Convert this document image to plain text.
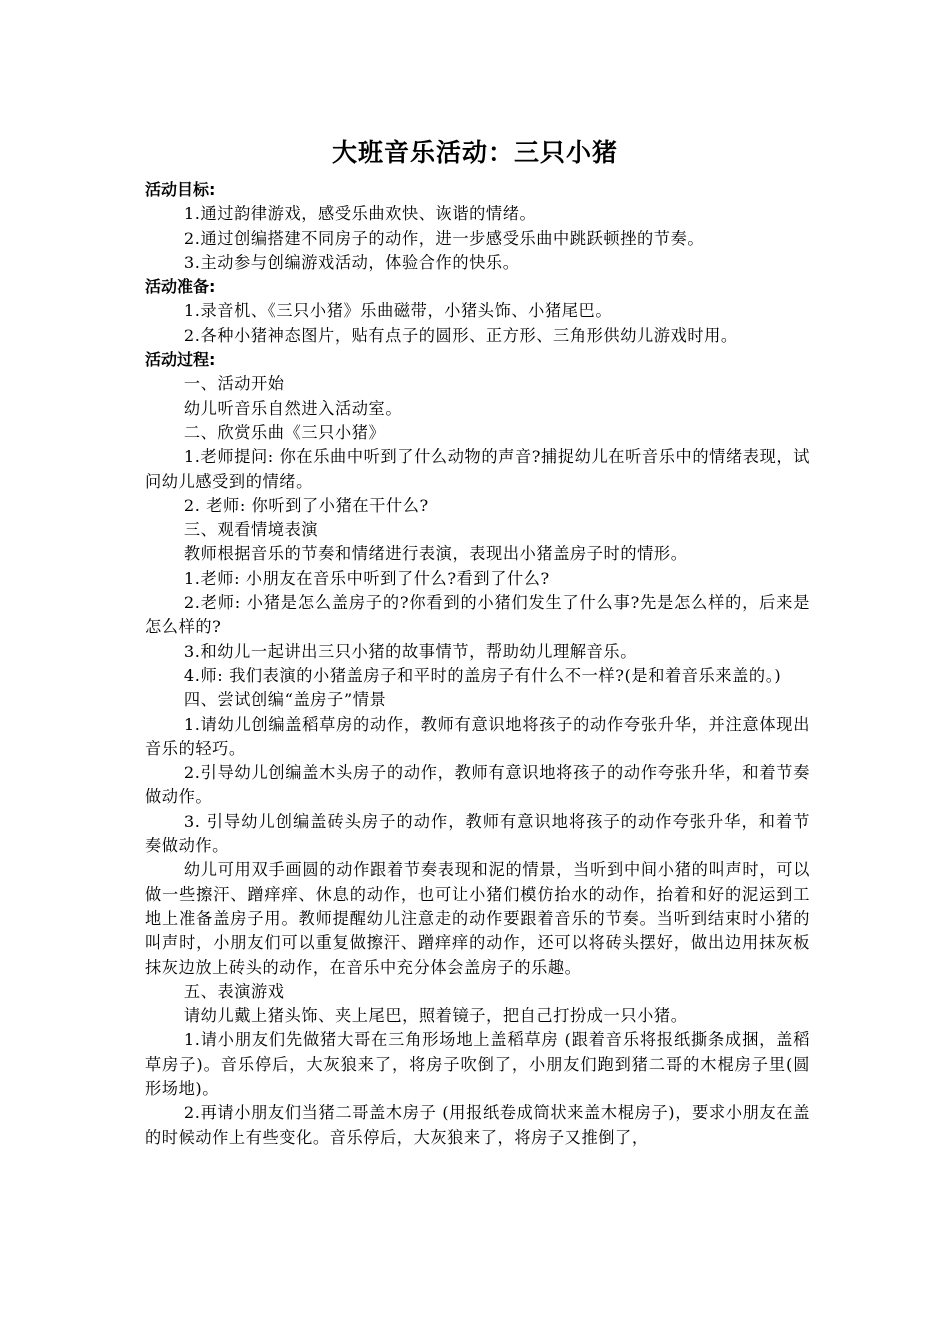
大班音乐活动：三只小猪

活动目标:

1.通过韵律游戏，感受乐曲欢快、诙谐的情绪。

2.通过创编搭建不同房子的动作，进一步感受乐曲中跳跃顿挫的节奏。

3.主动参与创编游戏活动，体验合作的快乐。

活动准备:

1.录音机、《三只小猪》乐曲磁带，小猪头饰、小猪尾巴。

2.各种小猪神态图片，贴有点子的圆形、正方形、三角形供幼儿游戏时用。

活动过程:

一、活动开始

幼儿听音乐自然进入活动室。

二、欣赏乐曲《三只小猪》

1.老师提问: 你在乐曲中听到了什么动物的声音?捕捉幼儿在听音乐中的情绪表现，试问幼儿感受到的情绪。

2. 老师: 你听到了小猪在干什么?

三、观看情境表演

教师根据音乐的节奏和情绪进行表演，表现出小猪盖房子时的情形。

1.老师: 小朋友在音乐中听到了什么?看到了什么?

2.老师: 小猪是怎么盖房子的?你看到的小猪们发生了什么事?先是怎么样的，后来是怎么样的?

3.和幼儿一起讲出三只小猪的故事情节，帮助幼儿理解音乐。

4.师: 我们表演的小猪盖房子和平时的盖房子有什么不一样?(是和着音乐来盖的。)

四、尝试创编“盖房子”情景

1.请幼儿创编盖稻草房的动作，教师有意识地将孩子的动作夸张升华，并注意体现出音乐的轻巧。

2.引导幼儿创编盖木头房子的动作，教师有意识地将孩子的动作夸张升华，和着节奏做动作。

3. 引导幼儿创编盖砖头房子的动作，教师有意识地将孩子的动作夸张升华，和着节奏做动作。

幼儿可用双手画圆的动作跟着节奏表现和泥的情景，当听到中间小猪的叫声时，可以做一些擦汗、蹭痒痒、休息的动作，也可让小猪们模仿抬水的动作，抬着和好的泥运到工地上准备盖房子用。教师提醒幼儿注意走的动作要跟着音乐的节奏。当听到结束时小猪的叫声时，小朋友们可以重复做擦汗、蹭痒痒的动作，还可以将砖头摆好，做出边用抹灰板抹灰边放上砖头的动作，在音乐中充分体会盖房子的乐趣。

五、表演游戏

请幼儿戴上猪头饰、夹上尾巴，照着镜子，把自己打扮成一只小猪。

1.请小朋友们先做猪大哥在三角形场地上盖稻草房 (跟着音乐将报纸撕条成捆，盖稻草房子)。音乐停后，大灰狼来了，将房子吹倒了，小朋友们跑到猪二哥的木棍房子里(圆形场地)。

2.再请小朋友们当猪二哥盖木房子 (用报纸卷成筒状来盖木棍房子)，要求小朋友在盖的时候动作上有些变化。音乐停后，大灰狼来了，将房子又推倒了，
